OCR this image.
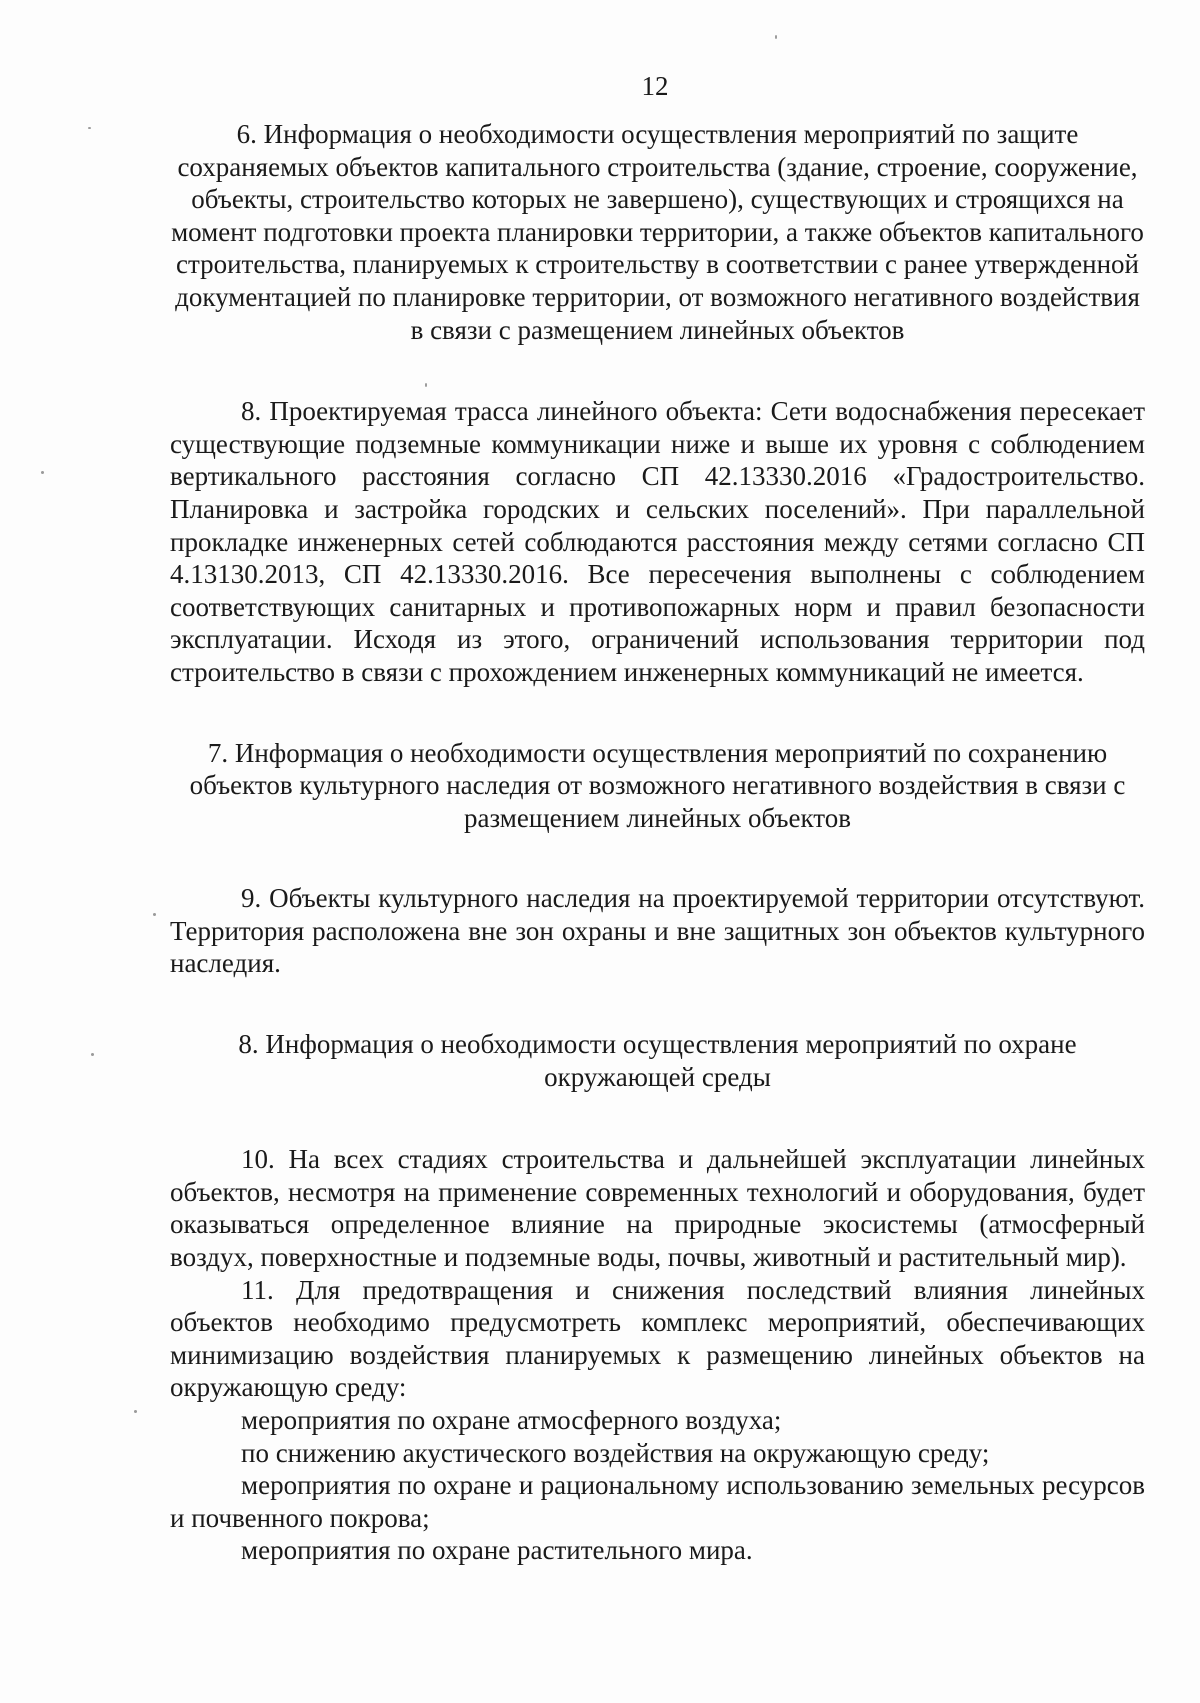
12

6. Информация о необходимости осуществления мероприятий по защите сохраняемых объектов капитального строительства (здание, строение, сооружение, объекты, строительство которых не завершено), существующих и строящихся на момент подготовки проекта планировки территории, а также объектов капитального строительства, планируемых к строительству в соответствии с ранее утвержденной документацией по планировке территории, от возможного негативного воздействия в связи с размещением линейных объектов

8. Проектируемая трасса линейного объекта: Сети водоснабжения пересекает существующие подземные коммуникации ниже и выше их уровня с соблюдением вертикального расстояния согласно СП 42.13330.2016 «Градостроительство. Планировка и застройка городских и сельских поселений». При параллельной прокладке инженерных сетей соблюдаются расстояния между сетями согласно СП 4.13130.2013, СП 42.13330.2016. Все пересечения выполнены с соблюдением соответствующих санитарных и противопожарных норм и правил безопасности эксплуатации. Исходя из этого, ограничений использования территории под строительство в связи с прохождением инженерных коммуникаций не имеется.

7. Информация о необходимости осуществления мероприятий по сохранению объектов культурного наследия от возможного негативного воздействия в связи с размещением линейных объектов

9. Объекты культурного наследия на проектируемой территории отсутствуют. Территория расположена вне зон охраны и вне защитных зон объектов культурного наследия.

8. Информация о необходимости осуществления мероприятий по охране окружающей среды

10. На всех стадиях строительства и дальнейшей эксплуатации линейных объектов, несмотря на применение современных технологий и оборудования, будет оказываться определенное влияние на природные экосистемы (атмосферный воздух, поверхностные и подземные воды, почвы, животный и растительный мир).

11. Для предотвращения и снижения последствий влияния линейных объектов необходимо предусмотреть комплекс мероприятий, обеспечивающих минимизацию воздействия планируемых к размещению линейных объектов на окружающую среду:

мероприятия по охране атмосферного воздуха;

по снижению акустического воздействия на окружающую среду;

мероприятия по охране и рациональному использованию земельных ресурсов и почвенного покрова;

мероприятия по охране растительного мира.
